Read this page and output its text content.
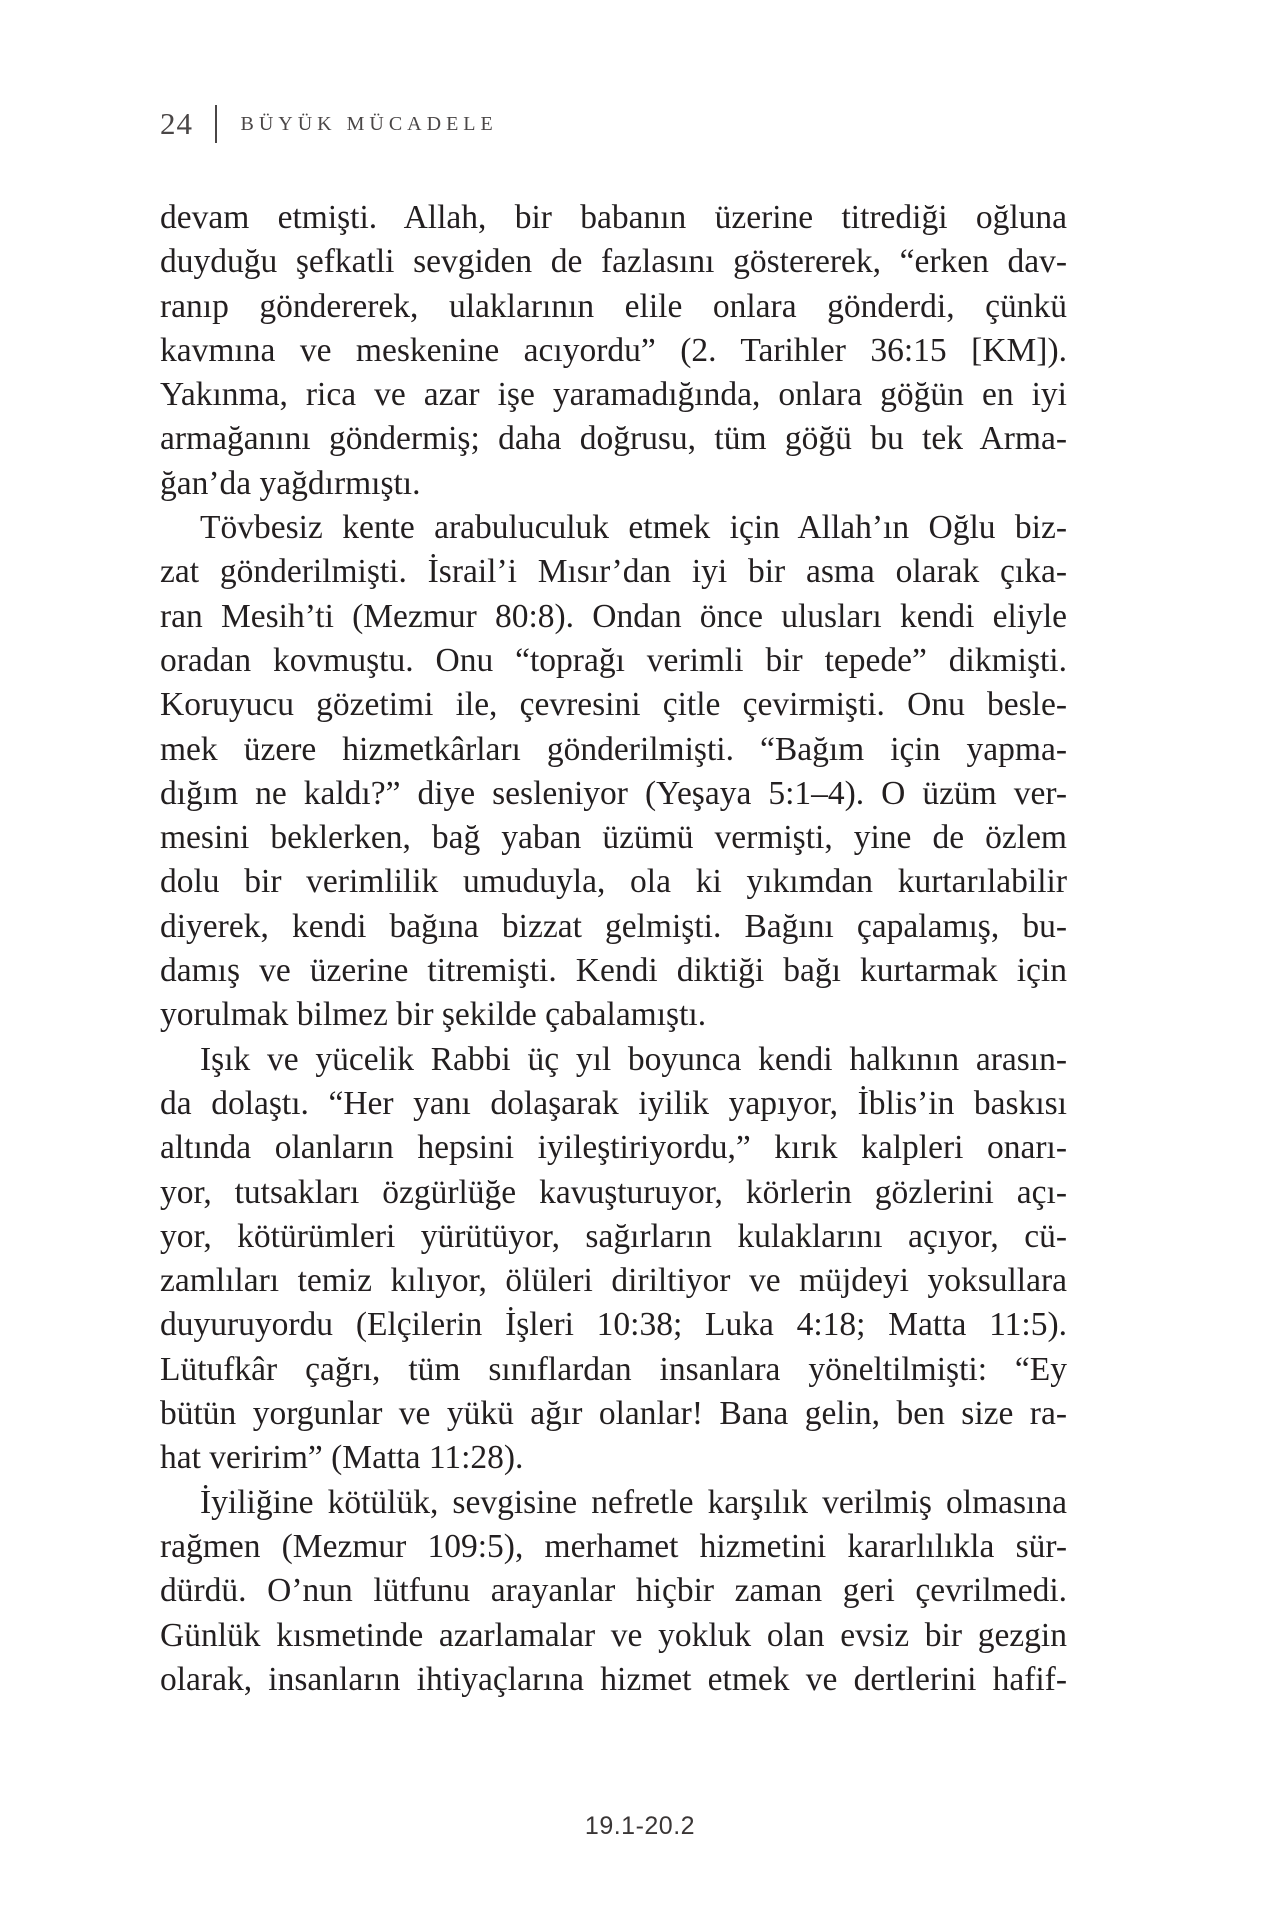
24 BÜYÜK MÜCADELE
devam etmişti. Allah, bir babanın üzerine titrediği oğluna
duyduğu şefkatli sevgiden de fazlasını göstererek, “erken dav-
ranıp göndererek, ulaklarının elile onlara gönderdi, çünkü
kavmına ve meskenine acıyordu” (2. Tarihler 36:15 [KM]).
Yakınma, rica ve azar işe yaramadığında, onlara göğün en iyi
armağanını göndermiş; daha doğrusu, tüm göğü bu tek Arma-
ğan’da yağdırmıştı.
Tövbesiz kente arabuluculuk etmek için Allah’ın Oğlu biz-
zat gönderilmişti. İsrail’i Mısır’dan iyi bir asma olarak çıka-
ran Mesih’ti (Mezmur 80:8). Ondan önce ulusları kendi eliyle
oradan kovmuştu. Onu “toprağı verimli bir tepede” dikmişti.
Koruyucu gözetimi ile, çevresini çitle çevirmişti. Onu besle-
mek üzere hizmetkârları gönderilmişti. “Bağım için yapma-
dığım ne kaldı?” diye sesleniyor (Yeşaya 5:1–4). O üzüm ver-
mesini beklerken, bağ yaban üzümü vermişti, yine de özlem
dolu bir verimlilik umuduyla, ola ki yıkımdan kurtarılabilir
diyerek, kendi bağına bizzat gelmişti. Bağını çapalamış, bu-
damış ve üzerine titremişti. Kendi diktiği bağı kurtarmak için
yorulmak bilmez bir şekilde çabalamıştı.
Işık ve yücelik Rabbi üç yıl boyunca kendi halkının arasın-
da dolaştı. “Her yanı dolaşarak iyilik yapıyor, İblis’in baskısı
altında olanların hepsini iyileştiriyordu,” kırık kalpleri onarı-
yor, tutsakları özgürlüğe kavuşturuyor, körlerin gözlerini açı-
yor, kötürümleri yürütüyor, sağırların kulaklarını açıyor, cü-
zamlıları temiz kılıyor, ölüleri diriltiyor ve müjdeyi yoksullara
duyuruyordu (Elçilerin İşleri 10:38; Luka 4:18; Matta 11:5).
Lütufkâr çağrı, tüm sınıflardan insanlara yöneltilmişti: “Ey
bütün yorgunlar ve yükü ağır olanlar! Bana gelin, ben size ra-
hat veririm” (Matta 11:28).
İyiliğine kötülük, sevgisine nefretle karşılık verilmiş olmasına
rağmen (Mezmur 109:5), merhamet hizmetini kararlılıkla sür-
dürdü. O’nun lütfunu arayanlar hiçbir zaman geri çevrilmedi.
Günlük kısmetinde azarlamalar ve yokluk olan evsiz bir gezgin
olarak, insanların ihtiyaçlarına hizmet etmek ve dertlerini hafif-
19.1-20.2
